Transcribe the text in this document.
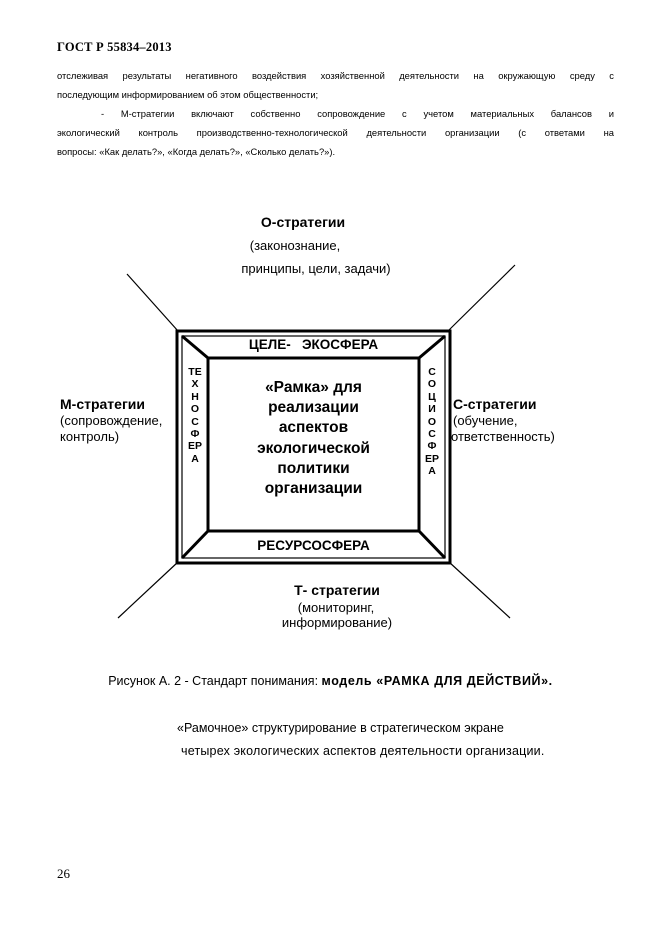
ГОСТ Р 55834–2013
отслеживая результаты негативного воздействия хозяйственной деятельности на окружающую среду с
последующим информированием об этом общественности;
- М-стратегии включают собственно сопровождение с учетом материальных балансов и
экологический контроль производственно-технологической деятельности организации (с ответами на
вопросы: «Как делать?», «Когда делать?», «Сколько делать?»).
О-стратегии
(законознание,
принципы, цели, задачи)
М-стратегии
(сопровождение,
контроль)
С-стратегии
(обучение,
ответственность)
Т- стратегии
(мониторинг,
информирование)
ЦЕЛЕ-   ЭКОСФЕРА
РЕСУРСОСФЕРА
ТЕХНОСФЕРА
СОЦИОСФЕРА
«Рамка» для
реализации
аспектов
экологической
политики
организации
Рисунок А. 2 - Стандарт понимания: модель «РАМКА ДЛЯ ДЕЙСТВИЙ».
«Рамочное» структурирование в стратегическом экране
четырех экологических аспектов деятельности организации.
26
